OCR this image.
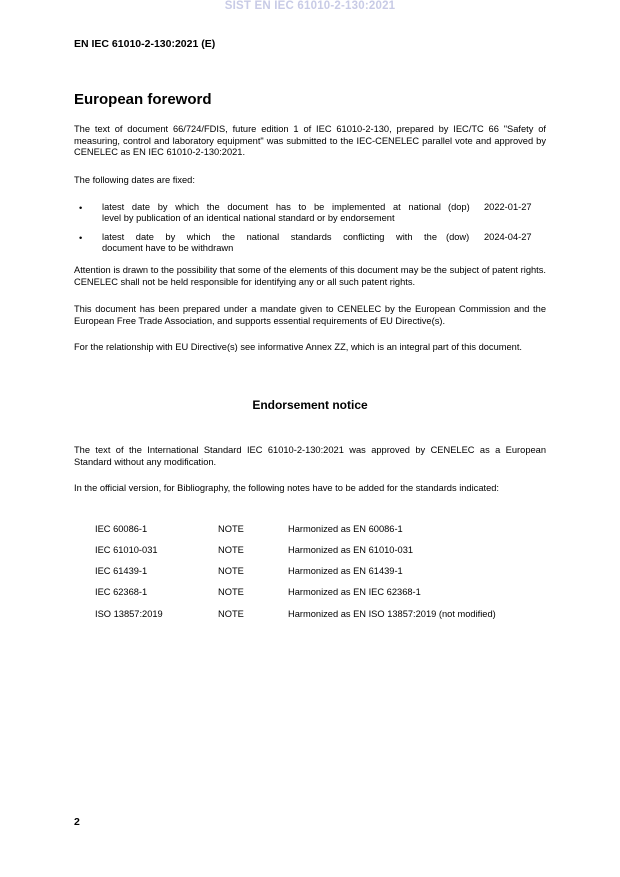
SIST EN IEC 61010-2-130:2021
EN IEC 61010-2-130:2021 (E)
European foreword

The text of document 66/724/FDIS, future edition 1 of IEC 61010-2-130, prepared by IEC/TC 66 "Safety of measuring, control and laboratory equipment" was submitted to the IEC-CENELEC parallel vote and approved by CENELEC as EN IEC 61010-2-130:2021.

The following dates are fixed:

• latest date by which the document has to be implemented at national
level by publication of an identical national standard or by endorsement
(dop) 2022-01-27
• latest date by which the national standards conflicting with the
document have to be withdrawn
(dow) 2024-04-27

Attention is drawn to the possibility that some of the elements of this document may be the subject of patent rights. CENELEC shall not be held responsible for identifying any or all such patent rights.

This document has been prepared under a mandate given to CENELEC by the European Commission and the European Free Trade Association, and supports essential requirements of EU Directive(s).

For the relationship with EU Directive(s) see informative Annex ZZ, which is an integral part of this document.

Endorsement notice

The text of the International Standard IEC 61010-2-130:2021 was approved by CENELEC as a European Standard without any modification.

In the official version, for Bibliography, the following notes have to be added for the standards indicated:

IEC 60086-1	NOTE	Harmonized as EN 60086-1
IEC 61010-031	NOTE	Harmonized as EN 61010-031
IEC 61439-1	NOTE	Harmonized as EN 61439-1
IEC 62368-1	NOTE	Harmonized as EN IEC 62368-1
ISO 13857:2019	NOTE	Harmonized as EN ISO 13857:2019 (not modified)
2
